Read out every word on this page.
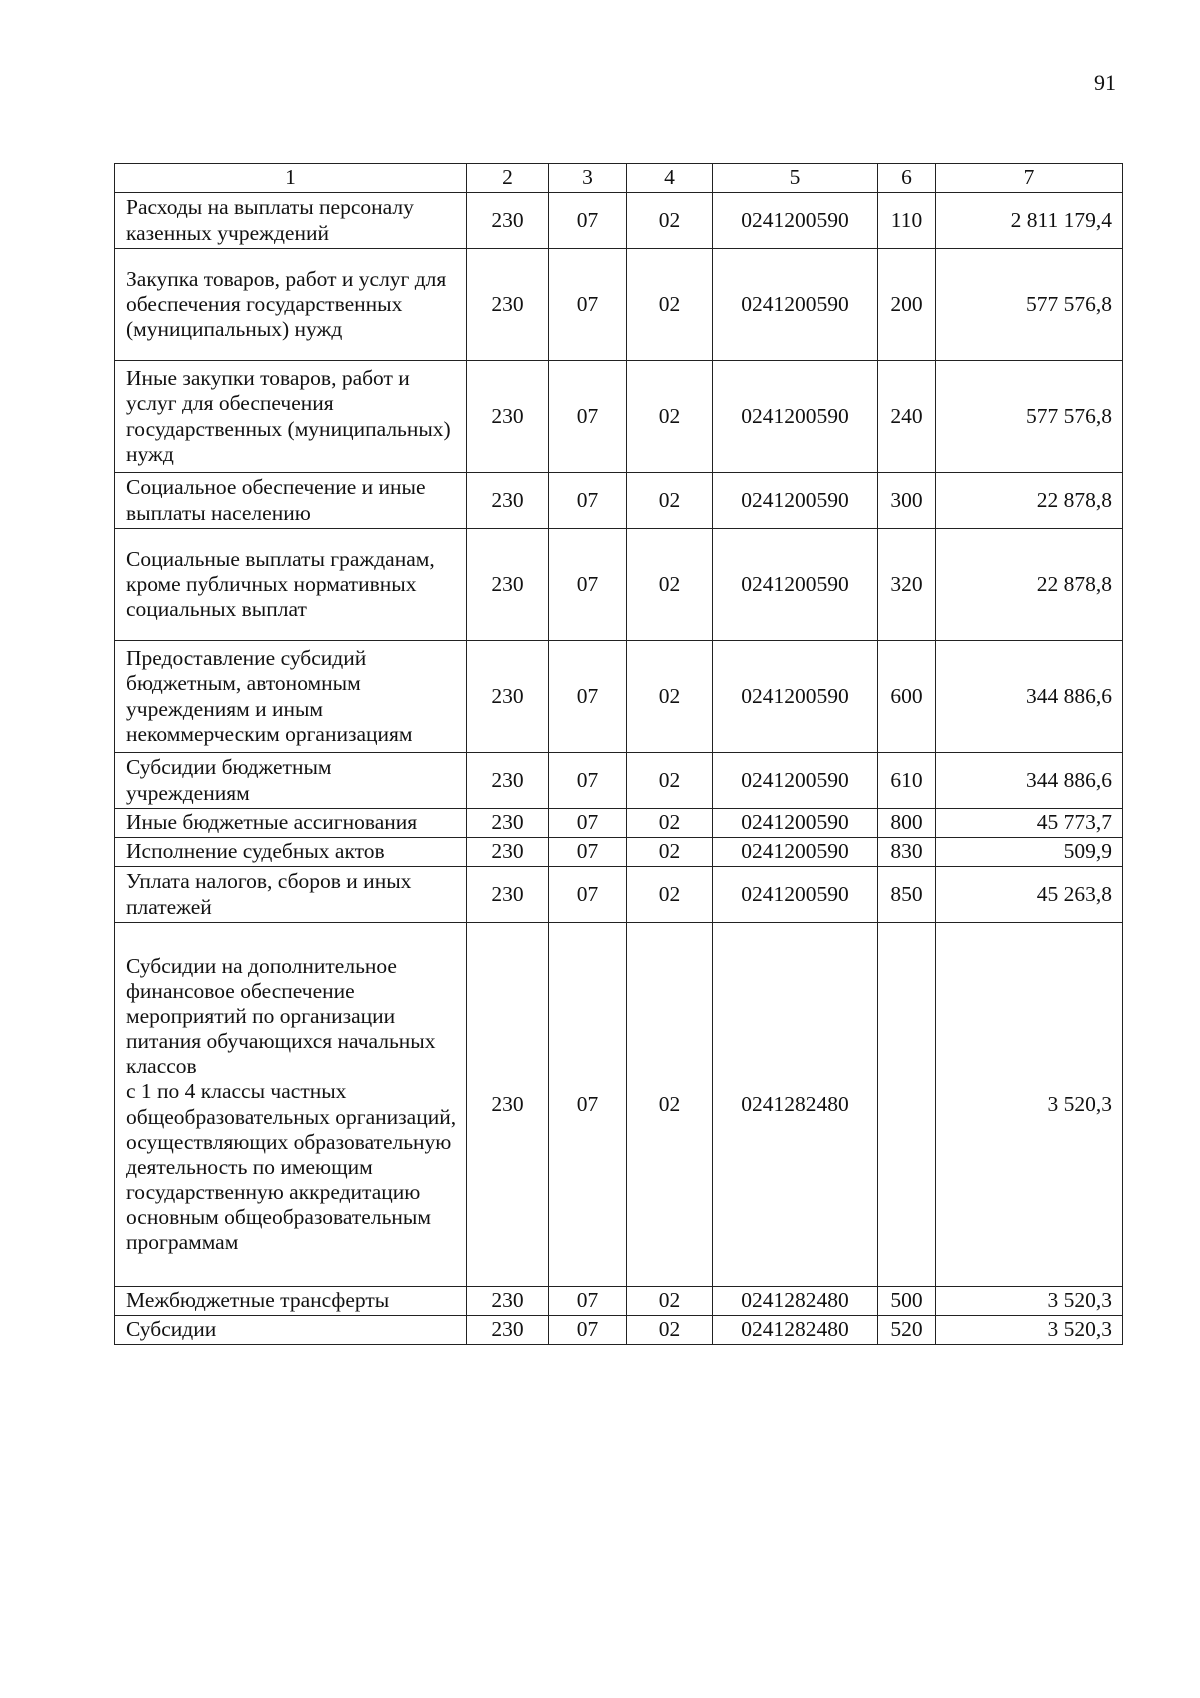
91
1	2	3	4	5	6	7
Расходы на выплаты персоналу казенных учреждений	230	07	02	0241200590	110	2 811 179,4
Закупка товаров, работ и услуг для обеспечения государственных (муниципальных) нужд	230	07	02	0241200590	200	577 576,8
Иные закупки товаров, работ и услуг для обеспечения государственных (муниципальных) нужд	230	07	02	0241200590	240	577 576,8
Социальное обеспечение и иные выплаты населению	230	07	02	0241200590	300	22 878,8
Социальные выплаты гражданам, кроме публичных нормативных социальных выплат	230	07	02	0241200590	320	22 878,8
Предоставление субсидий бюджетным, автономным учреждениям и иным некоммерческим организациям	230	07	02	0241200590	600	344 886,6
Субсидии бюджетным учреждениям	230	07	02	0241200590	610	344 886,6
Иные бюджетные ассигнования	230	07	02	0241200590	800	45 773,7
Исполнение судебных актов	230	07	02	0241200590	830	509,9
Уплата налогов, сборов и иных платежей	230	07	02	0241200590	850	45 263,8
Субсидии на дополнительное финансовое обеспечение мероприятий по организации питания обучающихся начальных классов
с 1 по 4 классы частных общеобразовательных организаций, осуществляющих образовательную деятельность по имеющим государственную аккредитацию основным общеобразовательным программам	230	07	02	0241282480		3 520,3
Межбюджетные трансферты	230	07	02	0241282480	500	3 520,3
Субсидии	230	07	02	0241282480	520	3 520,3
